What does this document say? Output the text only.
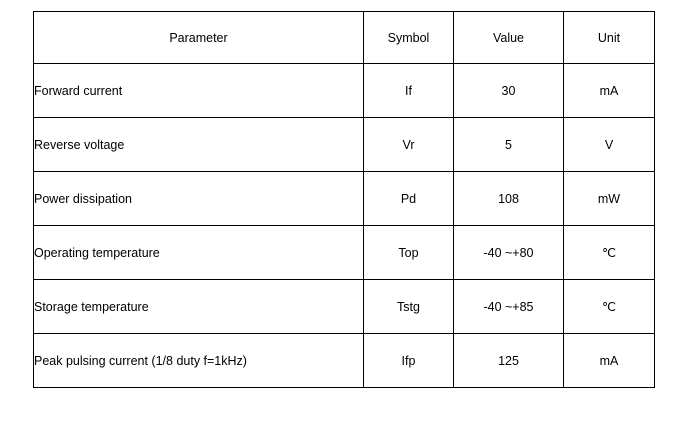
Parameter	Symbol	Value	Unit
Forward current	If	30	mA
Reverse voltage	Vr	5	V
Power dissipation	Pd	108	mW
Operating temperature	Top	-40 ~+80	℃
Storage temperature	Tstg	-40 ~+85	℃
Peak pulsing current (1/8 duty f=1kHz)	Ifp	125	mA
